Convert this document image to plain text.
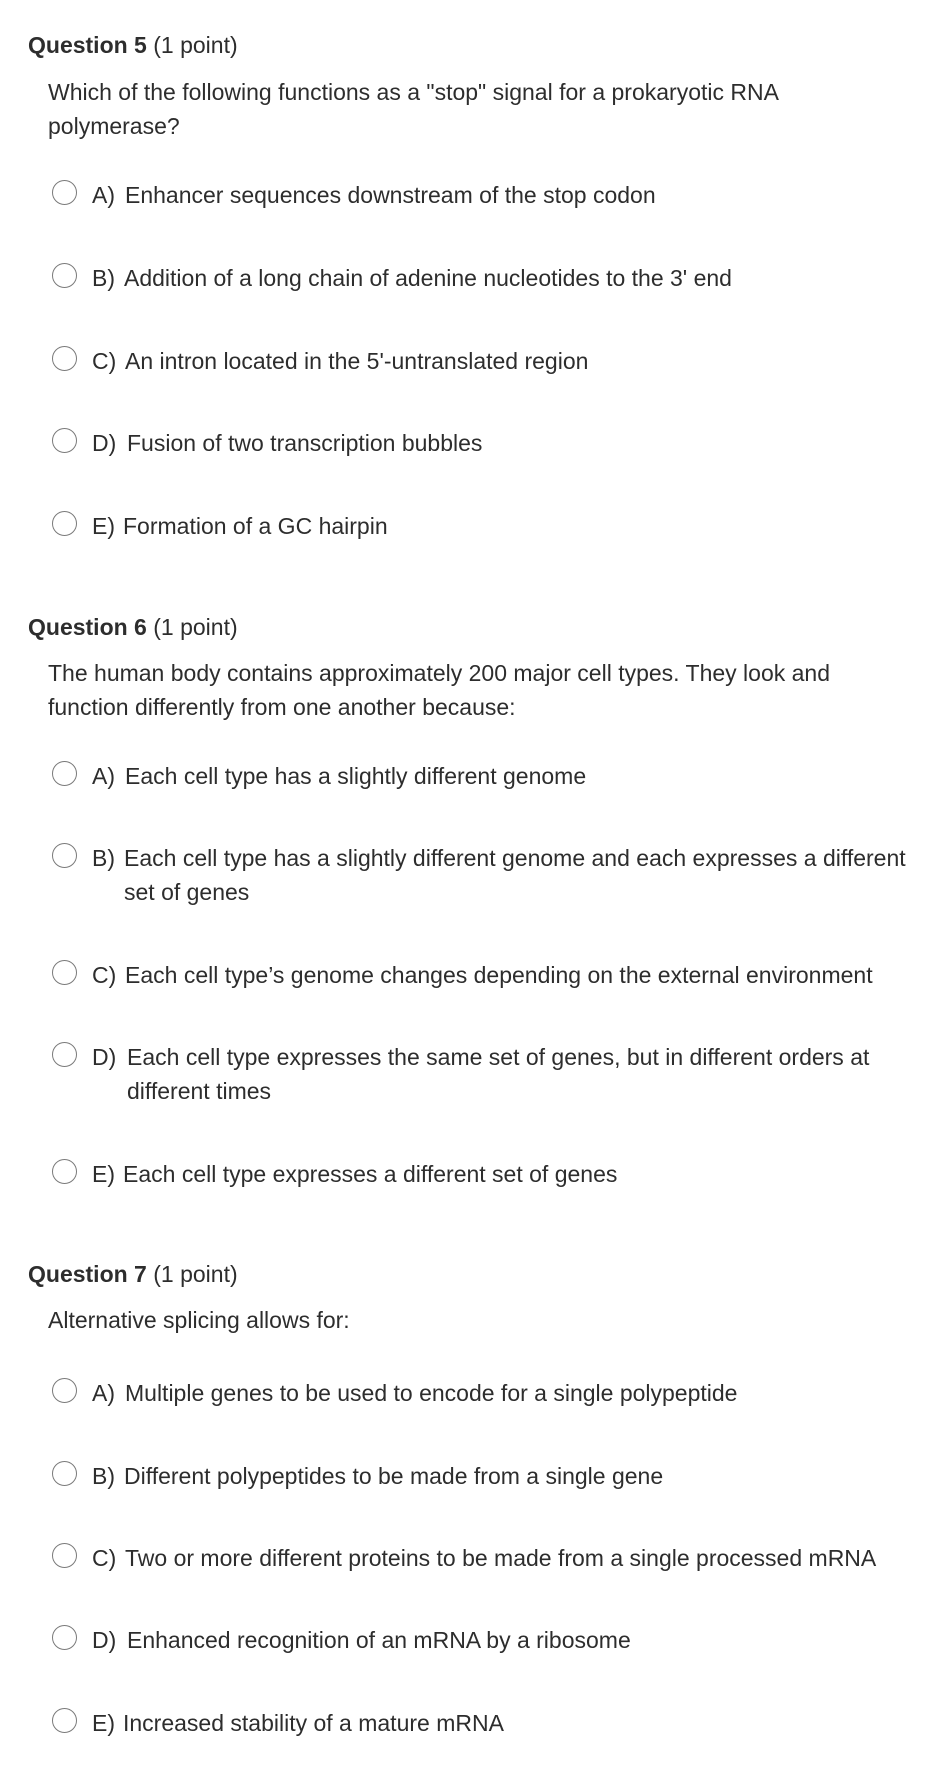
Question 5 (1 point)
Which of the following functions as a "stop" signal for a prokaryotic RNA polymerase?
A) Enhancer sequences downstream of the stop codon
B) Addition of a long chain of adenine nucleotides to the 3' end
C) An intron located in the 5'-untranslated region
D) Fusion of two transcription bubbles
E) Formation of a GC hairpin
Question 6 (1 point)
The human body contains approximately 200 major cell types. They look and function differently from one another because:
A) Each cell type has a slightly different genome
B) Each cell type has a slightly different genome and each expresses a different set of genes
C) Each cell type’s genome changes depending on the external environment
D) Each cell type expresses the same set of genes, but in different orders at different times
E) Each cell type expresses a different set of genes
Question 7 (1 point)
Alternative splicing allows for:
A) Multiple genes to be used to encode for a single polypeptide
B) Different polypeptides to be made from a single gene
C) Two or more different proteins to be made from a single processed mRNA
D) Enhanced recognition of an mRNA by a ribosome
E) Increased stability of a mature mRNA
